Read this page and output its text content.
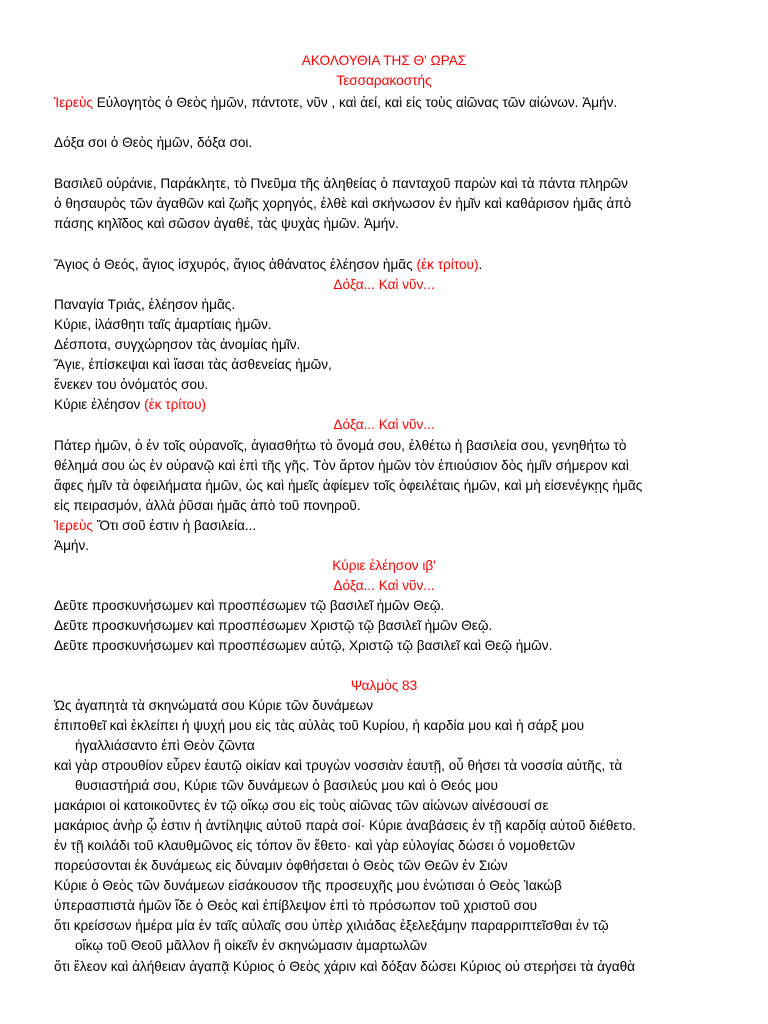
ΑΚΟΛΟΥΘΙΑ ΤΗΣ Θ' ΩΡΑΣ
Τεσσαρακοστής
Ἱερεὺς Εὐλογητὸς ὁ Θεὸς ἡμῶν, πάντοτε, νῦν , καὶ ἀεί, καὶ εἰς τοὺς αἰῶνας τῶν αἰώνων. Ἀμήν.
Δόξα σοι ὁ Θεὸς ἡμῶν, δόξα σοι.
Βασιλεῦ οὐράνιε, Παράκλητε, τὸ Πνεῦμα τῆς ἀληθείας ὁ πανταχοῦ παρὼν καὶ τὰ πάντα πληρῶν
ὁ θησαυρὸς τῶν ἀγαθῶν καὶ ζωῆς χορηγός, ἐλθὲ καὶ σκήνωσον ἐν ἡμῖν καὶ καθάρισον ἡμᾶς ἀπὸ
πάσης κηλῖδος καὶ σῶσον ἀγαθέ, τὰς ψυχὰς ἡμῶν. Ἀμήν.
Ἅγιος ὁ Θεός, ἅγιος ἰσχυρός, ἅγιος ἀθάνατος ἐλέησον ἡμᾶς (ἐκ τρίτου).
Δόξα... Καὶ νῦν...
Παναγία Τριάς, ἐλέησον ἡμᾶς.
Κύριε, ἱλάσθητι ταῖς ἁμαρτίαις ἡμῶν.
Δέσποτα, συγχώρησον τὰς ἀνομίας ἡμῖν.
Ἅγιε, ἐπίσκεψαι καὶ ἴασαι τὰς ἀσθενείας ἡμῶν,
ἕνεκεν του ὀνόματός σου.
Κύριε ἐλέησον (ἐκ τρίτου)
Δόξα... Καὶ νῦν...
Πάτερ ἡμῶν, ὁ ἐν τοῖς οὐρανοῖς, ἁγιασθήτω τὸ ὄνομά σου, ἐλθέτω ἡ βασιλεία σου, γενηθήτω τὸ
θέλημά σου ὡς ἐν οὐρανῷ καὶ ἐπὶ τῆς γῆς. Τὸν ἄρτον ἡμῶν τὸν ἐπιούσιον δὸς ἡμῖν σήμερον καὶ
ἄφες ἡμῖν τὰ ὀφειλήματα ἡμῶν, ὡς καὶ ἡμεῖς ἀφίεμεν τοῖς ὀφειλέταις ἡμῶν, καὶ μὴ εἰσενέγκῃς ἡμᾶς
εἰς πειρασμόν, ἀλλὰ ῥῦσαι ἡμᾶς ἀπὸ τοῦ πονηροῦ.
Ἱερεὺς Ὅτι σοῦ ἐστιν ἡ βασιλεία...
Ἀμήν.
Κύριε ἐλέησον ιβ'
Δόξα... Καὶ νῦν...
Δεῦτε προσκυνήσωμεν καὶ προσπέσωμεν τῷ βασιλεῖ ἡμῶν Θεῷ.
Δεῦτε προσκυνήσωμεν καὶ προσπέσωμεν Χριστῷ τῷ βασιλεῖ ἡμῶν Θεῷ.
Δεῦτε προσκυνήσωμεν καὶ προσπέσωμεν αὐτῷ, Χριστῷ τῷ βασιλεῖ καὶ Θεῷ ἡμῶν.
Ψαλμὸς 83
Ὡς ἀγαπητὰ τὰ σκηνώματά σου Κύριε τῶν δυνάμεων
ἐπιποθεῖ καὶ ἐκλείπει ἡ ψυχή μου εἰς τὰς αὐλὰς τοῦ Κυρίου, ἡ καρδία μου καὶ ἡ σάρξ μου
ἠγαλλιάσαντο ἐπὶ Θεὸν ζῶντα
καὶ γὰρ στρουθίον εὗρεν ἑαυτῷ οἰκίαν καὶ τρυγὼν νοσσιὰν ἑαυτῇ, οὗ θήσει τὰ νοσσία αὐτῆς, τὰ
θυσιαστήριά σου, Κύριε τῶν δυνάμεων ὁ βασιλεύς μου καὶ ὁ Θεός μου
μακάριοι οἱ κατοικοῦντες ἐν τῷ οἴκῳ σου εἰς τοὺς αἰῶνας τῶν αἰώνων αἰνέσουσί σε
μακάριος ἀνὴρ ᾧ ἐστιν ἡ ἀντίληψις αὐτοῦ παρὰ σοί· Κύριε ἀναβάσεις ἐν τῇ καρδίᾳ αὐτοῦ διέθετο.
ἐν τῇ κοιλάδι τοῦ κλαυθμῶνος εἰς τόπον ὃν ἔθετο· καὶ γὰρ εὐλογίας δώσει ὁ νομοθετῶν
πορεύσονται ἐκ δυνάμεως εἰς δύναμιν ὀφθήσεται ὁ Θεὸς τῶν Θεῶν ἐν Σιὼν
Κύριε ὁ Θεὸς τῶν δυνάμεων εἰσάκουσον τῆς προσευχῆς μου ἐνώτισαι ὁ Θεὸς Ἰακώβ
ὑπερασπιστὰ ἡμῶν ἴδε ὁ Θεὸς καὶ ἐπίβλεψον ἐπὶ τὸ πρόσωπον τοῦ χριστοῦ σου
ὅτι κρείσσων ἡμέρα μία ἐν ταῖς αὐλαῖς σου ὑπὲρ χιλιάδας ἐξελεξάμην παραρριπτεῖσθαι ἐν τῷ
οἴκῳ τοῦ Θεοῦ μᾶλλον ἢ οἰκεῖν ἐν σκηνώμασιν ἁμαρτωλῶν
ὅτι ἔλεον καὶ ἀλήθειαν ἀγαπᾷ Κύριος ὁ Θεὸς χάριν καὶ δόξαν δώσει Κύριος οὐ στερήσει τὰ ἀγαθὰ
